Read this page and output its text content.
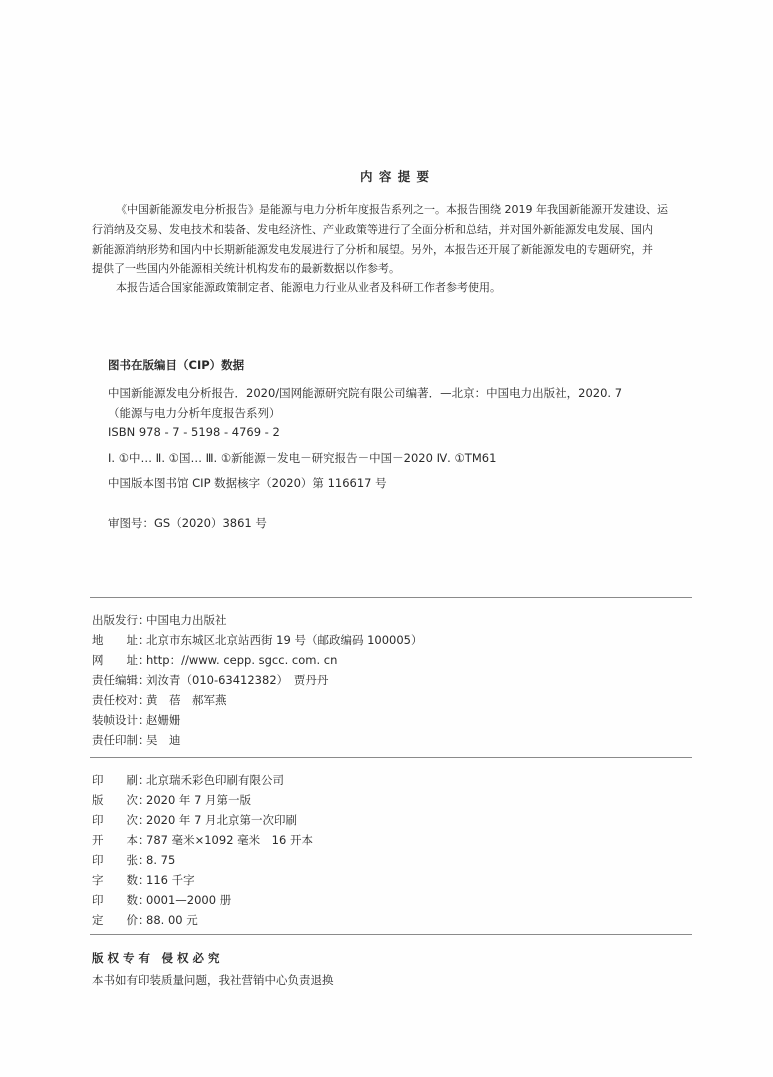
内 容 提 要
《中国新能源发电分析报告》是能源与电力分析年度报告系列之一。本报告围绕 2019 年我国新能源开发建设、运
行消纳及交易、发电技术和装备、发电经济性、产业政策等进行了全面分析和总结，并对国外新能源发电发展、国内
新能源消纳形势和国内中长期新能源发电发展进行了分析和展望。另外，本报告还开展了新能源发电的专题研究，并
提供了一些国内外能源相关统计机构发布的最新数据以作参考。
本报告适合国家能源政策制定者、能源电力行业从业者及科研工作者参考使用。
图书在版编目（CIP）数据
中国新能源发电分析报告．2020/国网能源研究院有限公司编著．—北京：中国电力出版社，2020. 7
（能源与电力分析年度报告系列）
ISBN 978 - 7 - 5198 - 4769 - 2
Ⅰ. ①中… Ⅱ. ①国… Ⅲ. ①新能源－发电－研究报告－中国－2020 Ⅳ. ①TM61
中国版本图书馆 CIP 数据核字（2020）第 116617 号
审图号：GS（2020）3861 号
出版发行：中国电力出版社
地　　址：北京市东城区北京站西街 19 号（邮政编码 100005）
网　　址：http：//www. cepp. sgcc. com. cn
责任编辑：刘汝青（010-63412382）　贾丹丹
责任校对：黄　蓓　郝军燕
装帧设计：赵姗姗
责任印制：吴　迪
印　　刷：北京瑞禾彩色印刷有限公司
版　　次：2020 年 7 月第一版
印　　次：2020 年 7 月北京第一次印刷
开　　本：787 毫米×1092 毫米　16 开本
印　　张：8. 75
字　　数：116 千字
印　　数：0001—2000 册
定　　价：88. 00 元
版 权 专 有　侵 权 必 究
本书如有印装质量问题，我社营销中心负责退换
